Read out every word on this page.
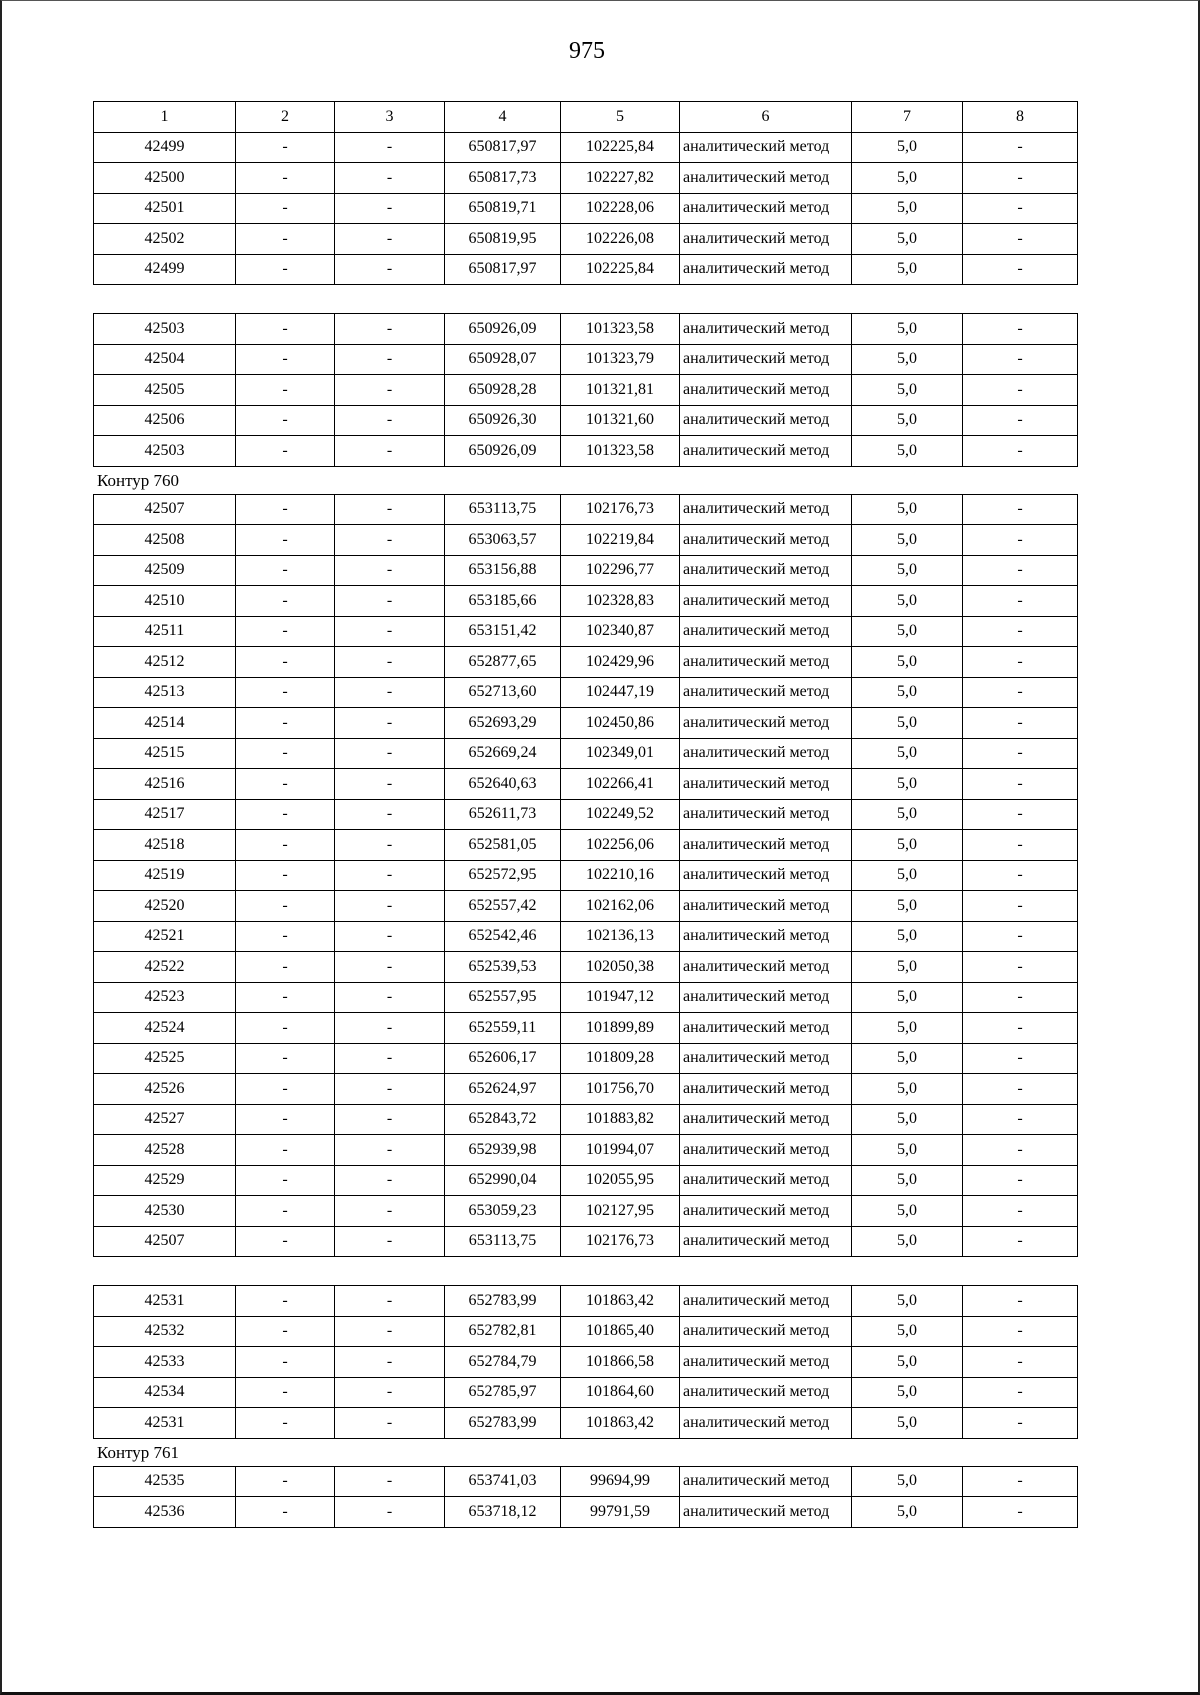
975
1	2	3	4	5	6	7	8
42499	-	-	650817,97	102225,84	аналитический метод	5,0	-
42500	-	-	650817,73	102227,82	аналитический метод	5,0	-
42501	-	-	650819,71	102228,06	аналитический метод	5,0	-
42502	-	-	650819,95	102226,08	аналитический метод	5,0	-
42499	-	-	650817,97	102225,84	аналитический метод	5,0	-
42503	-	-	650926,09	101323,58	аналитический метод	5,0	-
42504	-	-	650928,07	101323,79	аналитический метод	5,0	-
42505	-	-	650928,28	101321,81	аналитический метод	5,0	-
42506	-	-	650926,30	101321,60	аналитический метод	5,0	-
42503	-	-	650926,09	101323,58	аналитический метод	5,0	-
Контур 760
42507	-	-	653113,75	102176,73	аналитический метод	5,0	-
42508	-	-	653063,57	102219,84	аналитический метод	5,0	-
42509	-	-	653156,88	102296,77	аналитический метод	5,0	-
42510	-	-	653185,66	102328,83	аналитический метод	5,0	-
42511	-	-	653151,42	102340,87	аналитический метод	5,0	-
42512	-	-	652877,65	102429,96	аналитический метод	5,0	-
42513	-	-	652713,60	102447,19	аналитический метод	5,0	-
42514	-	-	652693,29	102450,86	аналитический метод	5,0	-
42515	-	-	652669,24	102349,01	аналитический метод	5,0	-
42516	-	-	652640,63	102266,41	аналитический метод	5,0	-
42517	-	-	652611,73	102249,52	аналитический метод	5,0	-
42518	-	-	652581,05	102256,06	аналитический метод	5,0	-
42519	-	-	652572,95	102210,16	аналитический метод	5,0	-
42520	-	-	652557,42	102162,06	аналитический метод	5,0	-
42521	-	-	652542,46	102136,13	аналитический метод	5,0	-
42522	-	-	652539,53	102050,38	аналитический метод	5,0	-
42523	-	-	652557,95	101947,12	аналитический метод	5,0	-
42524	-	-	652559,11	101899,89	аналитический метод	5,0	-
42525	-	-	652606,17	101809,28	аналитический метод	5,0	-
42526	-	-	652624,97	101756,70	аналитический метод	5,0	-
42527	-	-	652843,72	101883,82	аналитический метод	5,0	-
42528	-	-	652939,98	101994,07	аналитический метод	5,0	-
42529	-	-	652990,04	102055,95	аналитический метод	5,0	-
42530	-	-	653059,23	102127,95	аналитический метод	5,0	-
42507	-	-	653113,75	102176,73	аналитический метод	5,0	-
42531	-	-	652783,99	101863,42	аналитический метод	5,0	-
42532	-	-	652782,81	101865,40	аналитический метод	5,0	-
42533	-	-	652784,79	101866,58	аналитический метод	5,0	-
42534	-	-	652785,97	101864,60	аналитический метод	5,0	-
42531	-	-	652783,99	101863,42	аналитический метод	5,0	-
Контур 761
42535	-	-	653741,03	99694,99	аналитический метод	5,0	-
42536	-	-	653718,12	99791,59	аналитический метод	5,0	-
